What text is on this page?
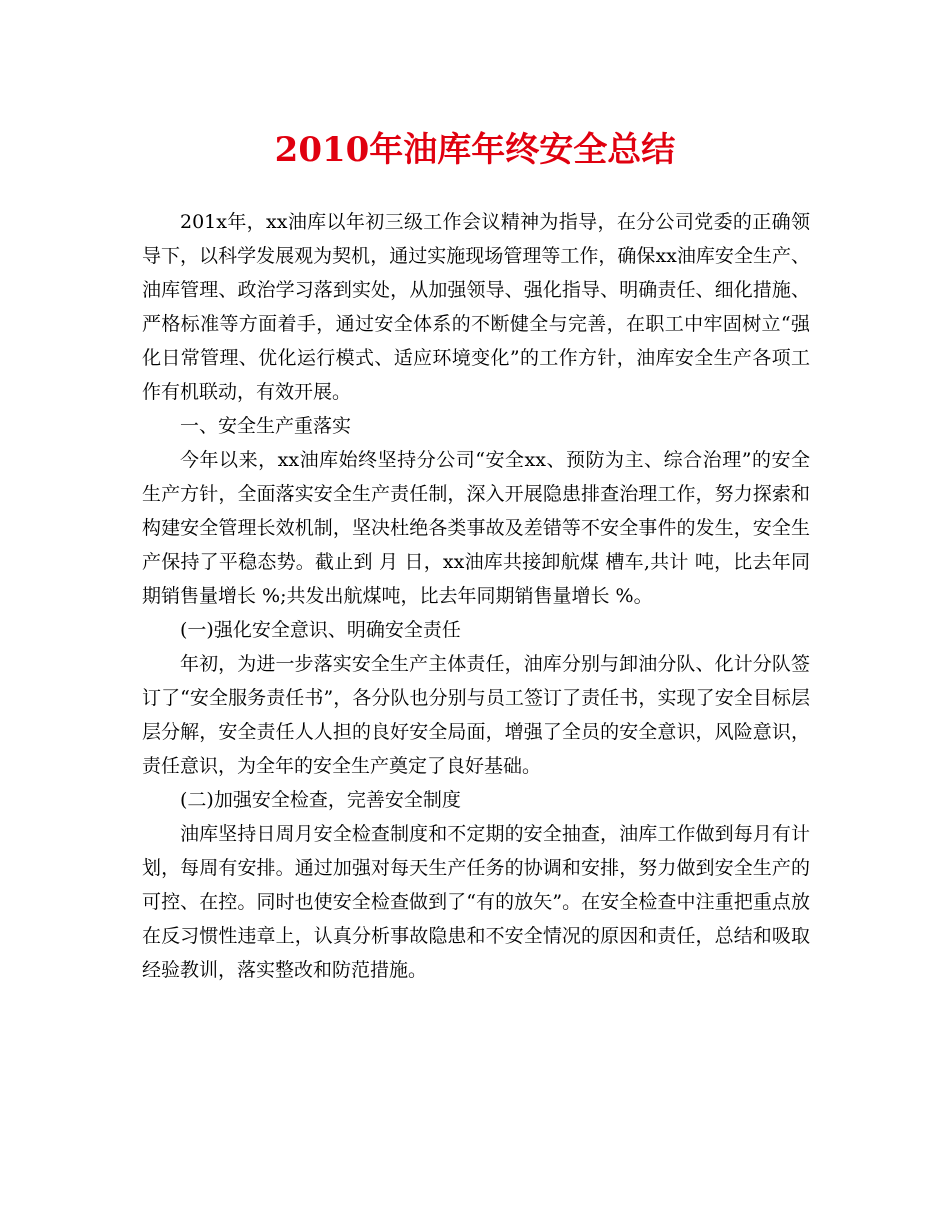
2010年油库年终安全总结

201x年，xx油库以年初三级工作会议精神为指导，在分公司党委的正确领导下，以科学发展观为契机，通过实施现场管理等工作，确保xx油库安全生产、油库管理、政治学习落到实处，从加强领导、强化指导、明确责任、细化措施、严格标准等方面着手，通过安全体系的不断健全与完善，在职工中牢固树立“强化日常管理、优化运行模式、适应环境变化”的工作方针，油库安全生产各项工作有机联动，有效开展。

一、安全生产重落实

今年以来，xx油库始终坚持分公司“安全xx、预防为主、综合治理”的安全生产方针，全面落实安全生产责任制，深入开展隐患排查治理工作，努力探索和构建安全管理长效机制，坚决杜绝各类事故及差错等不安全事件的发生，安全生产保持了平稳态势。截止到 月 日，xx油库共接卸航煤 槽车,共计 吨，比去年同期销售量增长 %;共发出航煤吨，比去年同期销售量增长 %。

(一)强化安全意识、明确安全责任

年初，为进一步落实安全生产主体责任，油库分别与卸油分队、化计分队签订了“安全服务责任书”，各分队也分别与员工签订了责任书，实现了安全目标层层分解，安全责任人人担的良好安全局面，增强了全员的安全意识，风险意识，责任意识，为全年的安全生产奠定了良好基础。

(二)加强安全检查，完善安全制度

油库坚持日周月安全检查制度和不定期的安全抽查，油库工作做到每月有计划，每周有安排。通过加强对每天生产任务的协调和安排，努力做到安全生产的可控、在控。同时也使安全检查做到了“有的放矢”。在安全检查中注重把重点放在反习惯性违章上，认真分析事故隐患和不安全情况的原因和责任，总结和吸取经验教训，落实整改和防范措施。
